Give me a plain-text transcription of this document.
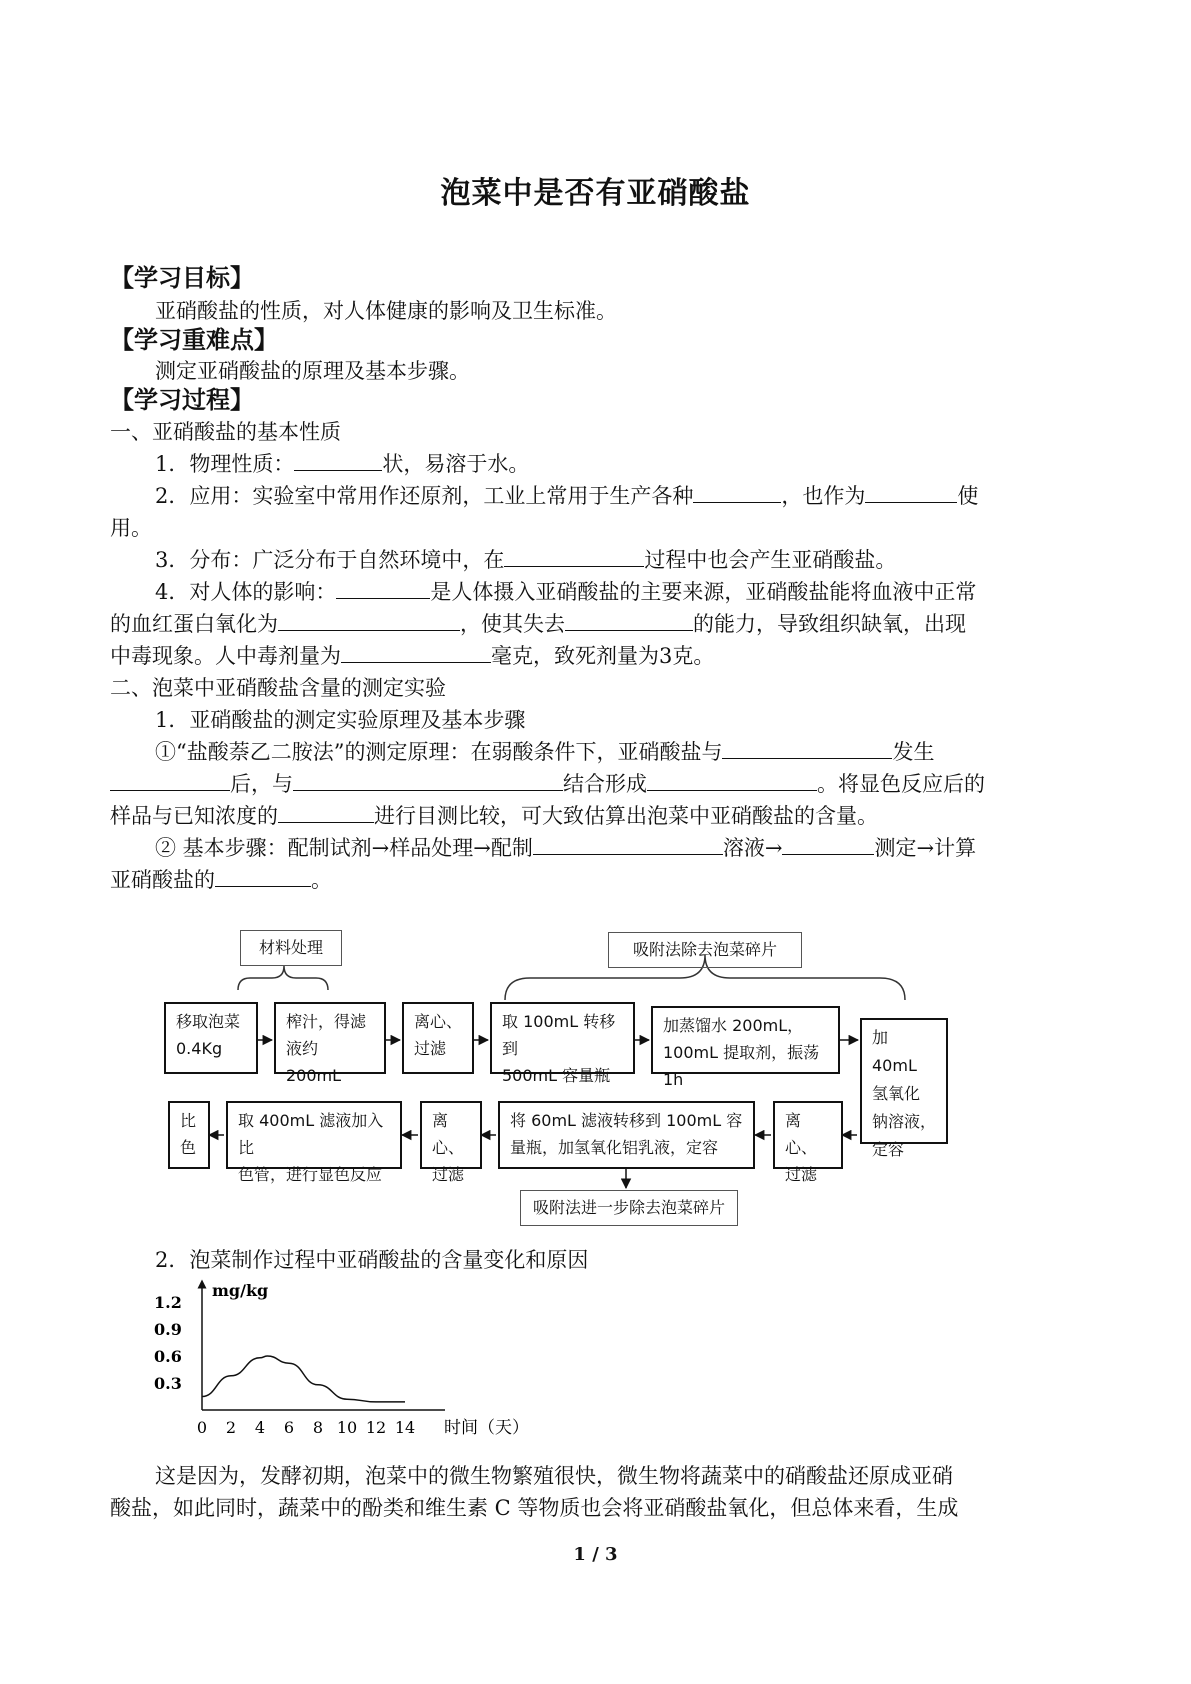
泡菜中是否有亚硝酸盐
【学习目标】
亚硝酸盐的性质，对人体健康的影响及卫生标准。
【学习重难点】
测定亚硝酸盐的原理及基本步骤。
【学习过程】
一、亚硝酸盐的基本性质
1．物理性质：	状，易溶于水。
2．应用：实验室中常用作还原剂，工业上常用于生产各种	，也作为	使
用。
3．分布：广泛分布于自然环境中，在	过程中也会产生亚硝酸盐。
4．对人体的影响：	是人体摄入亚硝酸盐的主要来源，亚硝酸盐能将血液中正常
的血红蛋白氧化为	，使其失去	的能力，导致组织缺氧，出现
中毒现象。人中毒剂量为	毫克，致死剂量为3克。
二、泡菜中亚硝酸盐含量的测定实验
1．亚硝酸盐的测定实验原理及基本步骤
①“盐酸萘乙二胺法”的测定原理：在弱酸条件下，亚硝酸盐与	发生
后，与	结合形成	。将显色反应后的
样品与已知浓度的	进行目测比较，可大致估算出泡菜中亚硝酸盐的含量。
② 基本步骤：配制试剂→样品处理→配制	溶液→	测定→计算
亚硝酸盐的	。
材料处理	吸附法除去泡菜碎片
移取泡菜
0.4Kg
榨汁，得滤
液约 200mL
离心、
过滤
取 100mL 转移到
500mL 容量瓶
加蒸馏水 200mL，
100mL 提取剂，振荡 1h
加 40mL
氢氧化
钠溶液，
定容
离心、
过滤
将 60mL 滤液转移到 100mL 容
量瓶，加氢氧化铝乳液，定容
离心、
过滤
取 400mL 滤液加入比
色管，进行显色反应
比
色
吸附法进一步除去泡菜碎片
2．泡菜制作过程中亚硝酸盐的含量变化和原因
mg/kg
0.3
0.6
0.9
1.2
0 2 4 6 8 10 12 14 时间（天）
这是因为，发酵初期，泡菜中的微生物繁殖很快，微生物将蔬菜中的硝酸盐还原成亚硝
酸盐，如此同时，蔬菜中的酚类和维生素 C 等物质也会将亚硝酸盐氧化，但总体来看，生成
1 / 3
